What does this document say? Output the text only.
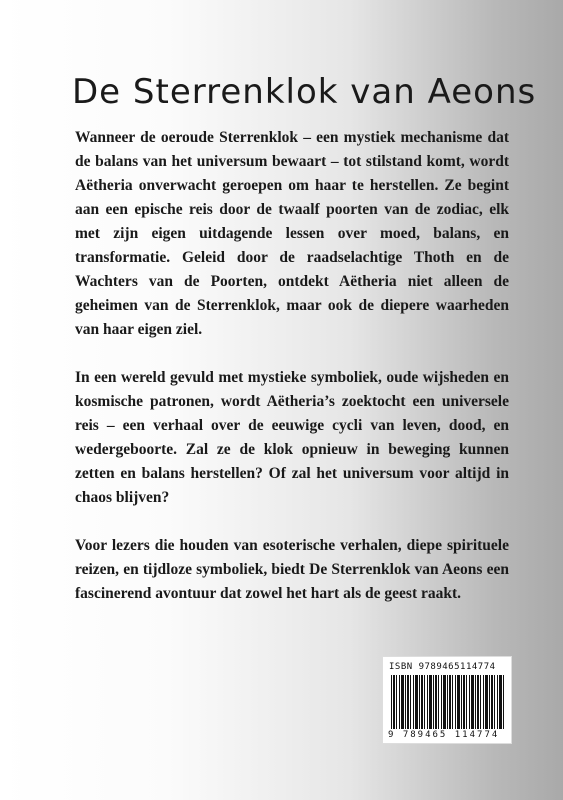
De Sterrenklok van Aeons

Wanneer de oeroude Sterrenklok – een mystiek mechanisme dat de balans van het universum bewaart – tot stilstand komt, wordt Aëtheria onverwacht geroepen om haar te herstellen. Ze begint aan een epische reis door de twaalf poorten van de zodiac, elk met zijn eigen uitdagende lessen over moed, balans, en transformatie. Geleid door de raadselachtige Thoth en de Wachters van de Poorten, ontdekt Aëtheria niet alleen de geheimen van de Sterrenklok, maar ook de diepere waarheden van haar eigen ziel.

In een wereld gevuld met mystieke symboliek, oude wijsheden en kosmische patronen, wordt Aëtheria’s zoektocht een universele reis – een verhaal over de eeuwige cycli van leven, dood, en wedergeboorte. Zal ze de klok opnieuw in beweging kunnen zetten en balans herstellen? Of zal het universum voor altijd in chaos blijven?

Voor lezers die houden van esoterische verhalen, diepe spirituele reizen, en tijdloze symboliek, biedt De Sterrenklok van Aeons een fascinerend avontuur dat zowel het hart als de geest raakt.

ISBN 9789465114774
9 789465 114774
